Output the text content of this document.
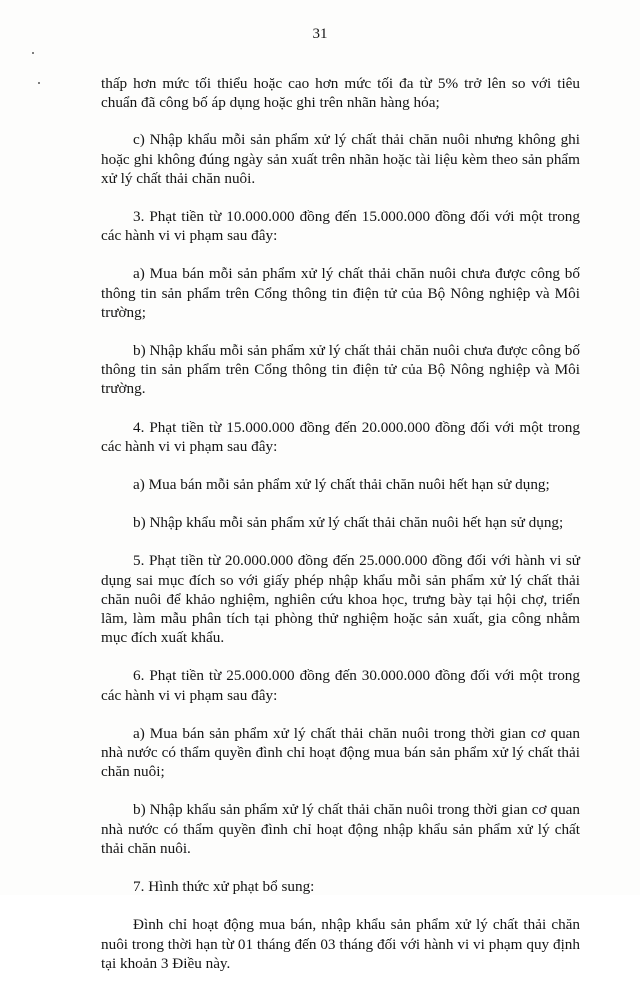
31

thấp hơn mức tối thiểu hoặc cao hơn mức tối đa từ 5% trở lên so với tiêu chuẩn đã công bố áp dụng hoặc ghi trên nhãn hàng hóa;

c) Nhập khẩu mỗi sản phẩm xử lý chất thải chăn nuôi nhưng không ghi hoặc ghi không đúng ngày sản xuất trên nhãn hoặc tài liệu kèm theo sản phẩm xử lý chất thải chăn nuôi.

3. Phạt tiền từ 10.000.000 đồng đến 15.000.000 đồng đối với một trong các hành vi vi phạm sau đây:

a) Mua bán mỗi sản phẩm xử lý chất thải chăn nuôi chưa được công bố thông tin sản phẩm trên Cổng thông tin điện tử của Bộ Nông nghiệp và Môi trường;

b) Nhập khẩu mỗi sản phẩm xử lý chất thải chăn nuôi chưa được công bố thông tin sản phẩm trên Cổng thông tin điện tử của Bộ Nông nghiệp và Môi trường.

4. Phạt tiền từ 15.000.000 đồng đến 20.000.000 đồng đối với một trong các hành vi vi phạm sau đây:

a) Mua bán mỗi sản phẩm xử lý chất thải chăn nuôi hết hạn sử dụng;

b) Nhập khẩu mỗi sản phẩm xử lý chất thải chăn nuôi hết hạn sử dụng;

5. Phạt tiền từ 20.000.000 đồng đến 25.000.000 đồng đối với hành vi sử dụng sai mục đích so với giấy phép nhập khẩu mỗi sản phẩm xử lý chất thải chăn nuôi để khảo nghiệm, nghiên cứu khoa học, trưng bày tại hội chợ, triển lãm, làm mẫu phân tích tại phòng thử nghiệm hoặc sản xuất, gia công nhằm mục đích xuất khẩu.

6. Phạt tiền từ 25.000.000 đồng đến 30.000.000 đồng đối với một trong các hành vi vi phạm sau đây:

a) Mua bán sản phẩm xử lý chất thải chăn nuôi trong thời gian cơ quan nhà nước có thẩm quyền đình chỉ hoạt động mua bán sản phẩm xử lý chất thải chăn nuôi;

b) Nhập khẩu sản phẩm xử lý chất thải chăn nuôi trong thời gian cơ quan nhà nước có thẩm quyền đình chỉ hoạt động nhập khẩu sản phẩm xử lý chất thải chăn nuôi.

7. Hình thức xử phạt bổ sung:

Đình chỉ hoạt động mua bán, nhập khẩu sản phẩm xử lý chất thải chăn nuôi trong thời hạn từ 01 tháng đến 03 tháng đối với hành vi vi phạm quy định tại khoản 3 Điều này.
